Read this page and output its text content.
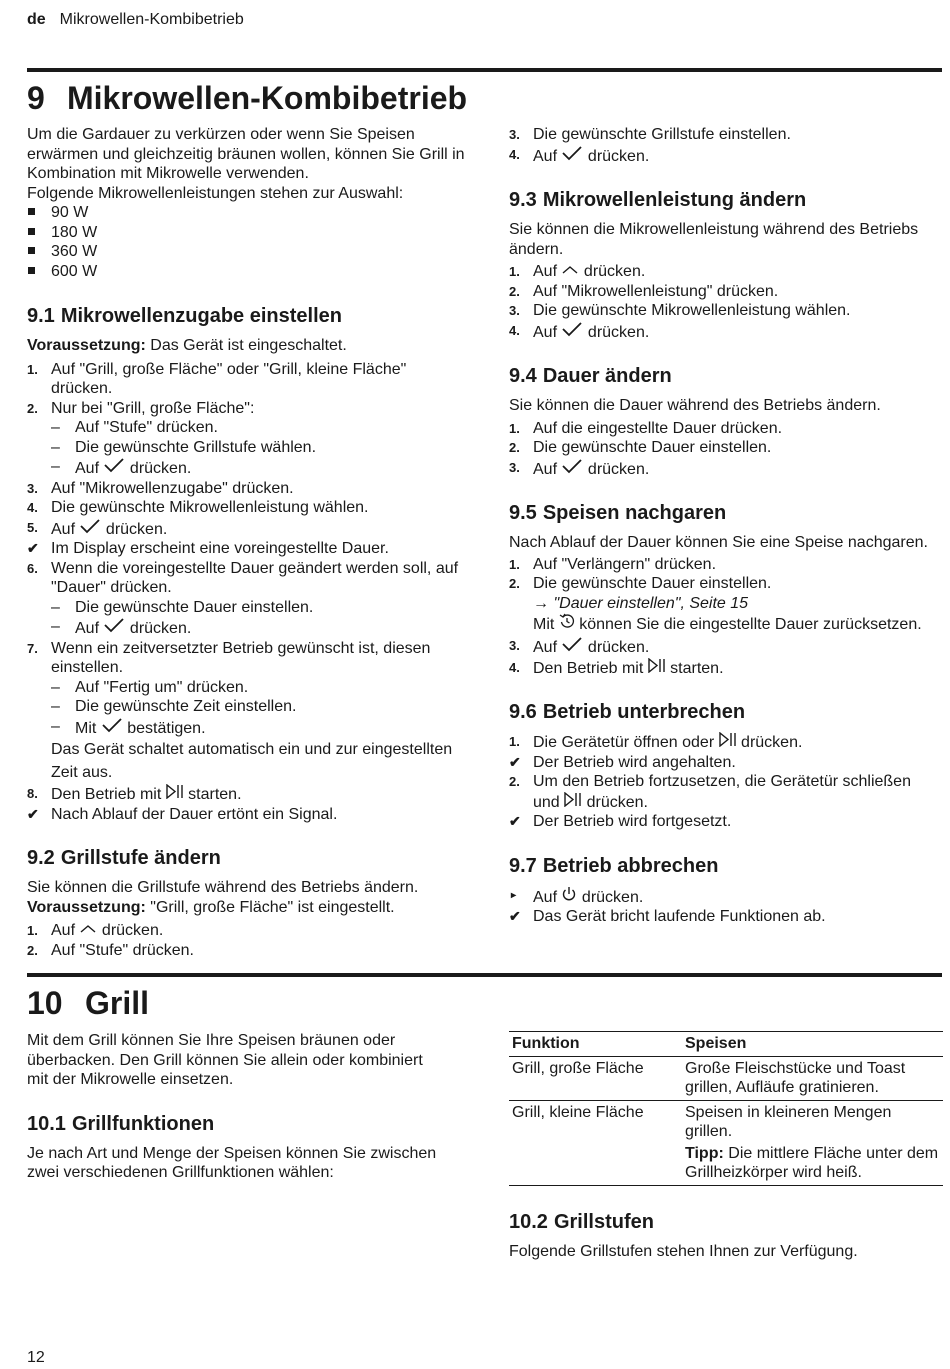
de Mikrowellen-Kombibetrieb
9 Mikrowellen-Kombibetrieb

Um die Gardauer zu verkürzen oder wenn Sie Speisen erwärmen und gleichzeitig bräunen wollen, können Sie Grill in Kombination mit Mikrowelle verwenden.

Folgende Mikrowellenleistungen stehen zur Auswahl:

90 W
180 W
360 W
600 W
9.1 Mikrowellenzugabe einstellen

Voraussetzung: Das Gerät ist eingeschaltet.

1. Auf "Grill, große Fläche" oder "Grill, kleine Fläche" drücken.
2. Nur bei "Grill, große Fläche":
– Auf "Stufe" drücken.
– Die gewünschte Grillstufe wählen.
– Auf  drücken.
3. Auf "Mikrowellenzugabe" drücken.
4. Die gewünschte Mikrowellenleistung wählen.
5. Auf  drücken.
✔ Im Display erscheint eine voreingestellte Dauer.
6. Wenn die voreingestellte Dauer geändert werden soll, auf "Dauer" drücken.
– Die gewünschte Dauer einstellen.
– Auf  drücken.
7. Wenn ein zeitversetzter Betrieb gewünscht ist, diesen einstellen.
– Auf "Fertig um" drücken.
– Die gewünschte Zeit einstellen.
– Mit  bestätigen.
Das Gerät schaltet automatisch ein und zur eingestellten Zeit aus.
8. Den Betrieb mit  starten.
✔ Nach Ablauf der Dauer ertönt ein Signal.
9.2 Grillstufe ändern

Sie können die Grillstufe während des Betriebs ändern.

Voraussetzung: "Grill, große Fläche" ist eingestellt.

1. Auf  drücken.
2. Auf "Stufe" drücken.
3. Die gewünschte Grillstufe einstellen.
4. Auf  drücken.
9.3 Mikrowellenleistung ändern

Sie können die Mikrowellenleistung während des Betriebs ändern.

1. Auf  drücken.
2. Auf "Mikrowellenleistung" drücken.
3. Die gewünschte Mikrowellenleistung wählen.
4. Auf  drücken.
9.4 Dauer ändern

Sie können die Dauer während des Betriebs ändern.

1. Auf die eingestellte Dauer drücken.
2. Die gewünschte Dauer einstellen.
3. Auf  drücken.
9.5 Speisen nachgaren

Nach Ablauf der Dauer können Sie eine Speise nachgaren.

1. Auf "Verlängern" drücken.
2. Die gewünschte Dauer einstellen.
→ "Dauer einstellen", Seite 15
Mit  können Sie die eingestellte Dauer zurücksetzen.
3. Auf  drücken.
4. Den Betrieb mit  starten.
9.6 Betrieb unterbrechen
1. Die Gerätetür öffnen oder  drücken.
✔ Der Betrieb wird angehalten.
2. Um den Betrieb fortzusetzen, die Gerätetür schließen und  drücken.
✔ Der Betrieb wird fortgesetzt.
9.7 Betrieb abbrechen
▸ Auf  drücken.
✔ Das Gerät bricht laufende Funktionen ab.
10 Grill

Mit dem Grill können Sie Ihre Speisen bräunen oder überbacken. Den Grill können Sie allein oder kombiniert mit der Mikrowelle einsetzen.

10.1 Grillfunktionen

Je nach Art und Menge der Speisen können Sie zwischen zwei verschiedenen Grillfunktionen wählen:

Funktion	Speisen
Grill, große Fläche	Große Fleischstücke und Toast grillen, Aufläufe gratinieren.
Grill, kleine Fläche	Speisen in kleineren Mengen grillen.
Tipp: Die mittlere Fläche unter dem Grillheizkörper wird heiß.
10.2 Grillstufen

Folgende Grillstufen stehen Ihnen zur Verfügung.

12
